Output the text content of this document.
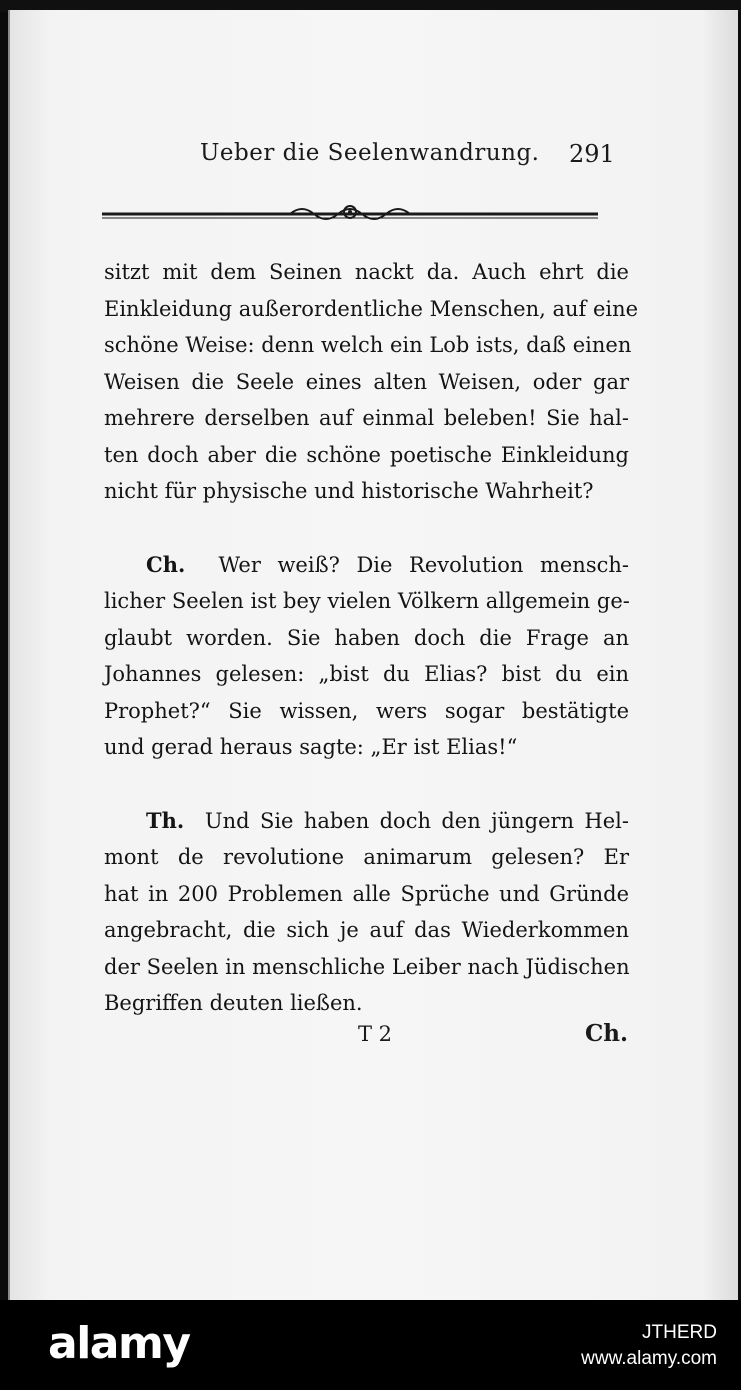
Ueber die Seelenwandrung. 291
sitzt mit dem Seinen nackt da. Auch ehrt die
Einkleidung außerordentliche Menschen, auf eine
schöne Weise: denn welch ein Lob ists, daß einen
Weisen die Seele eines alten Weisen, oder gar
mehrere derselben auf einmal beleben! Sie hal-
ten doch aber die schöne poetische Einkleidung
nicht für physische und historische Wahrheit?
Ch. Wer weiß? Die Revolution mensch-
licher Seelen ist bey vielen Völkern allgemein ge-
glaubt worden. Sie haben doch die Frage an
Johannes gelesen: „bist du Elias? bist du ein
Prophet?“ Sie wissen, wers sogar bestätigte
und gerad heraus sagte: „Er ist Elias!“
Th. Und Sie haben doch den jüngern Hel-
mont de revolutione animarum gelesen? Er
hat in 200 Problemen alle Sprüche und Gründe
angebracht, die sich je auf das Wiederkommen
der Seelen in menschliche Leiber nach Jüdischen
Begriffen deuten ließen.
T 2	Ch.
alamy	JTHERD
www.alamy.com
